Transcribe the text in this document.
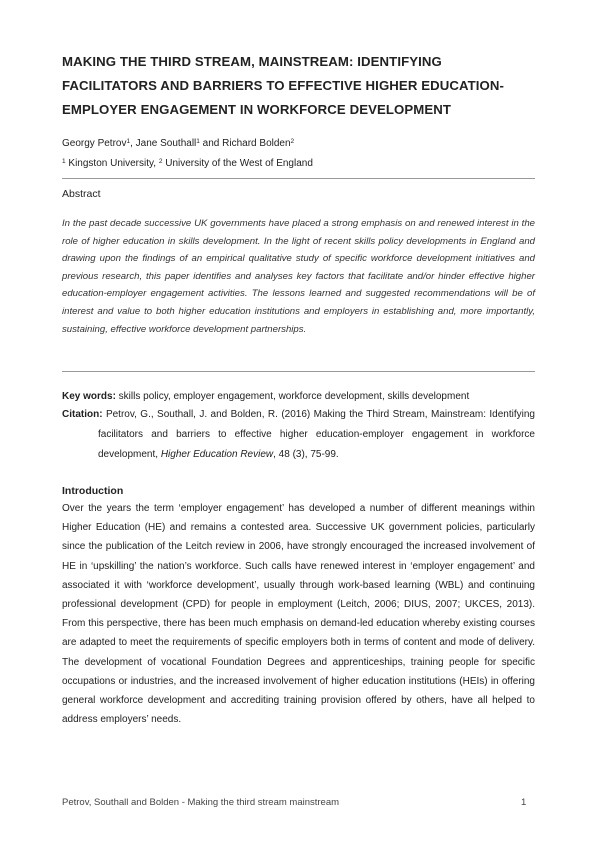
MAKING THE THIRD STREAM, MAINSTREAM: IDENTIFYING FACILITATORS AND BARRIERS TO EFFECTIVE HIGHER EDUCATION-EMPLOYER ENGAGEMENT IN WORKFORCE DEVELOPMENT
Georgy Petrov$^1$, Jane Southall$^1$ and Richard Bolden$^2$
$^1$ Kingston University, $^2$ University of the West of England
Abstract

In the past decade successive UK governments have placed a strong emphasis on and renewed interest in the role of higher education in skills development. In the light of recent skills policy developments in England and drawing upon the findings of an empirical qualitative study of specific workforce development initiatives and previous research, this paper identifies and analyses key factors that facilitate and/or hinder effective higher education-employer engagement activities. The lessons learned and suggested recommendations will be of interest and value to both higher education institutions and employers in establishing and, more importantly, sustaining, effective workforce development partnerships.

Key words: skills policy, employer engagement, workforce development, skills development

Citation: Petrov, G., Southall, J. and Bolden, R. (2016) Making the Third Stream, Mainstream: Identifying facilitators and barriers to effective higher education-employer engagement in workforce development, Higher Education Review, 48 (3), 75-99.

Introduction

Over the years the term ‘employer engagement’ has developed a number of different meanings within Higher Education (HE) and remains a contested area. Successive UK government policies, particularly since the publication of the Leitch review in 2006, have strongly encouraged the increased involvement of HE in ‘upskilling’ the nation’s workforce. Such calls have renewed interest in ‘employer engagement’ and associated it with ‘workforce development’, usually through work-based learning (WBL) and continuing professional development (CPD) for people in employment (Leitch, 2006; DIUS, 2007; UKCES, 2013). From this perspective, there has been much emphasis on demand-led education whereby existing courses are adapted to meet the requirements of specific employers both in terms of content and mode of delivery. The development of vocational Foundation Degrees and apprenticeships, training people for specific occupations or industries, and the increased involvement of higher education institutions (HEIs) in offering general workforce development and accrediting training provision offered by others, have all helped to address employers’ needs.

Petrov, Southall and Bolden - Making the third stream mainstream	1
